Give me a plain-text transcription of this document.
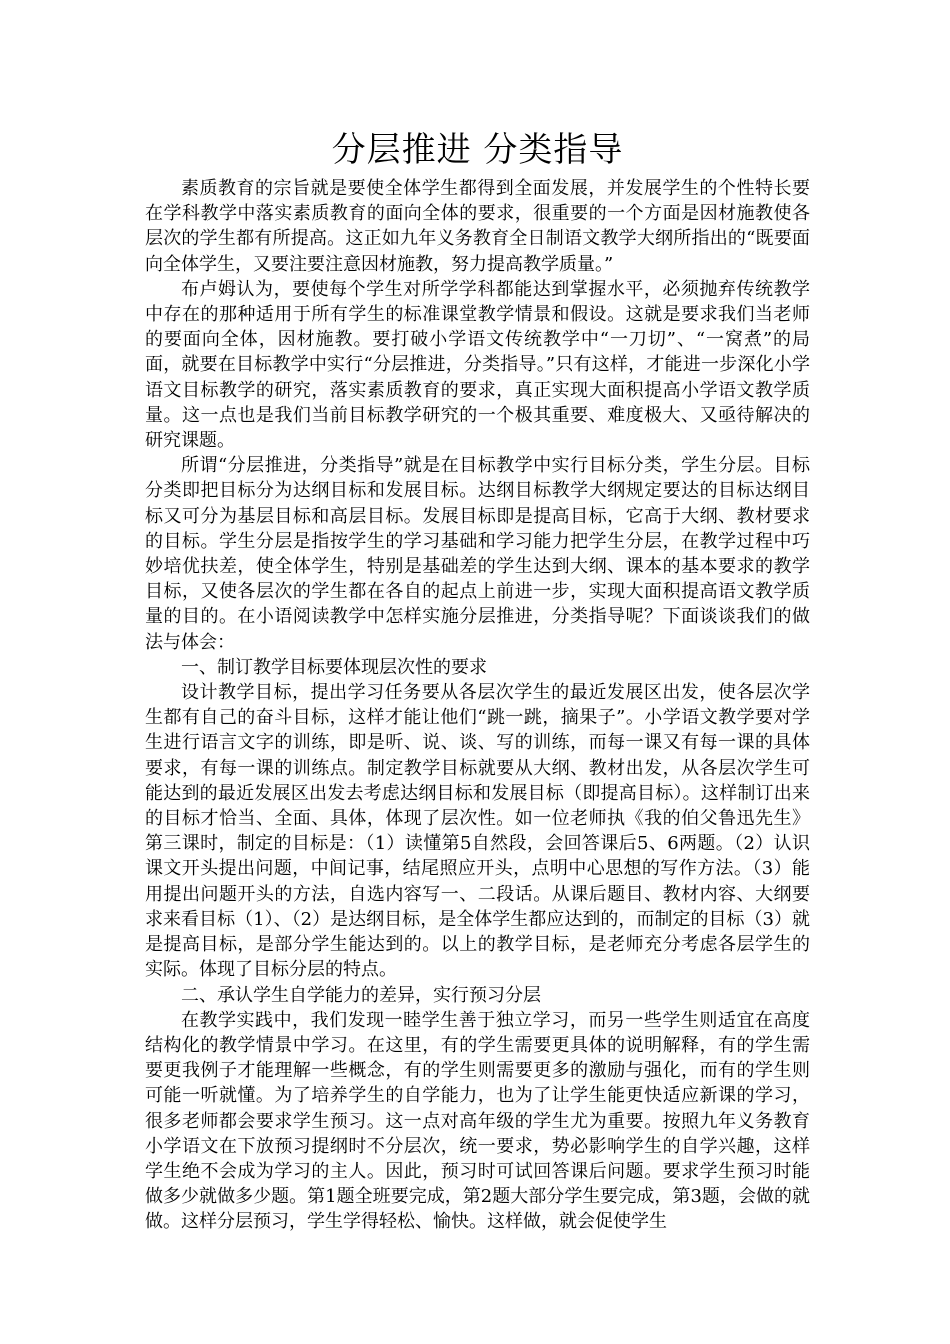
分层推进 分类指导

素质教育的宗旨就是要使全体学生都得到全面发展，并发展学生的个性特长要在学科教学中落实素质教育的面向全体的要求，很重要的一个方面是因材施教使各层次的学生都有所提高。这正如九年义务教育全日制语文教学大纲所指出的“既要面向全体学生，又要注要注意因材施教，努力提高教学质量。”

布卢姆认为，要使每个学生对所学学科都能达到掌握水平，必须抛弃传统教学中存在的那种适用于所有学生的标准课堂教学情景和假设。这就是要求我们当老师的要面向全体，因材施教。要打破小学语文传统教学中“一刀切”、“一窝煮”的局面，就要在目标教学中实行“分层推进，分类指导。”只有这样，才能进一步深化小学语文目标教学的研究，落实素质教育的要求，真正实现大面积提高小学语文教学质量。这一点也是我们当前目标教学研究的一个极其重要、难度极大、又亟待解决的研究课题。

所谓“分层推进，分类指导”就是在目标教学中实行目标分类，学生分层。目标分类即把目标分为达纲目标和发展目标。达纲目标教学大纲规定要达的目标达纲目标又可分为基层目标和高层目标。发展目标即是提高目标，它高于大纲、教材要求的目标。学生分层是指按学生的学习基础和学习能力把学生分层，在教学过程中巧妙培优扶差，使全体学生，特别是基础差的学生达到大纲、课本的基本要求的教学目标，又使各层次的学生都在各自的起点上前进一步，实现大面积提高语文教学质量的目的。在小语阅读教学中怎样实施分层推进，分类指导呢？下面谈谈我们的做法与体会：

一、制订教学目标要体现层次性的要求

设计教学目标，提出学习任务要从各层次学生的最近发展区出发，使各层次学生都有自己的奋斗目标，这样才能让他们“跳一跳，摘果子”。小学语文教学要对学生进行语言文字的训练，即是听、说、谈、写的训练，而每一课又有每一课的具体要求，有每一课的训练点。制定教学目标就要从大纲、教材出发，从各层次学生可能达到的最近发展区出发去考虑达纲目标和发展目标（即提高目标）。这样制订出来的目标才恰当、全面、具体，体现了层次性。如一位老师执《我的伯父鲁迅先生》第三课时，制定的目标是：（1）读懂第5自然段，会回答课后5、6两题。（2）认识课文开头提出问题，中间记事，结尾照应开头，点明中心思想的写作方法。（3）能用提出问题开头的方法，自选内容写一、二段话。从课后题目、教材内容、大纲要求来看目标（1）、（2）是达纲目标，是全体学生都应达到的，而制定的目标（3）就是提高目标，是部分学生能达到的。以上的教学目标，是老师充分考虑各层学生的实际。体现了目标分层的特点。

二、承认学生自学能力的差异，实行预习分层

在教学实践中，我们发现一睦学生善于独立学习，而另一些学生则适宜在高度结构化的教学情景中学习。在这里，有的学生需要更具体的说明解释，有的学生需要更我例子才能理解一些概念，有的学生则需要更多的激励与强化，而有的学生则可能一听就懂。为了培养学生的自学能力，也为了让学生能更快适应新课的学习，很多老师都会要求学生预习。这一点对高年级的学生尤为重要。按照九年义务教育小学语文在下放预习提纲时不分层次，统一要求，势必影响学生的自学兴趣，这样学生绝不会成为学习的主人。因此，预习时可试回答课后问题。要求学生预习时能做多少就做多少题。第1题全班要完成，第2题大部分学生要完成，第3题，会做的就做。这样分层预习，学生学得轻松、愉快。这样做，就会促使学生
